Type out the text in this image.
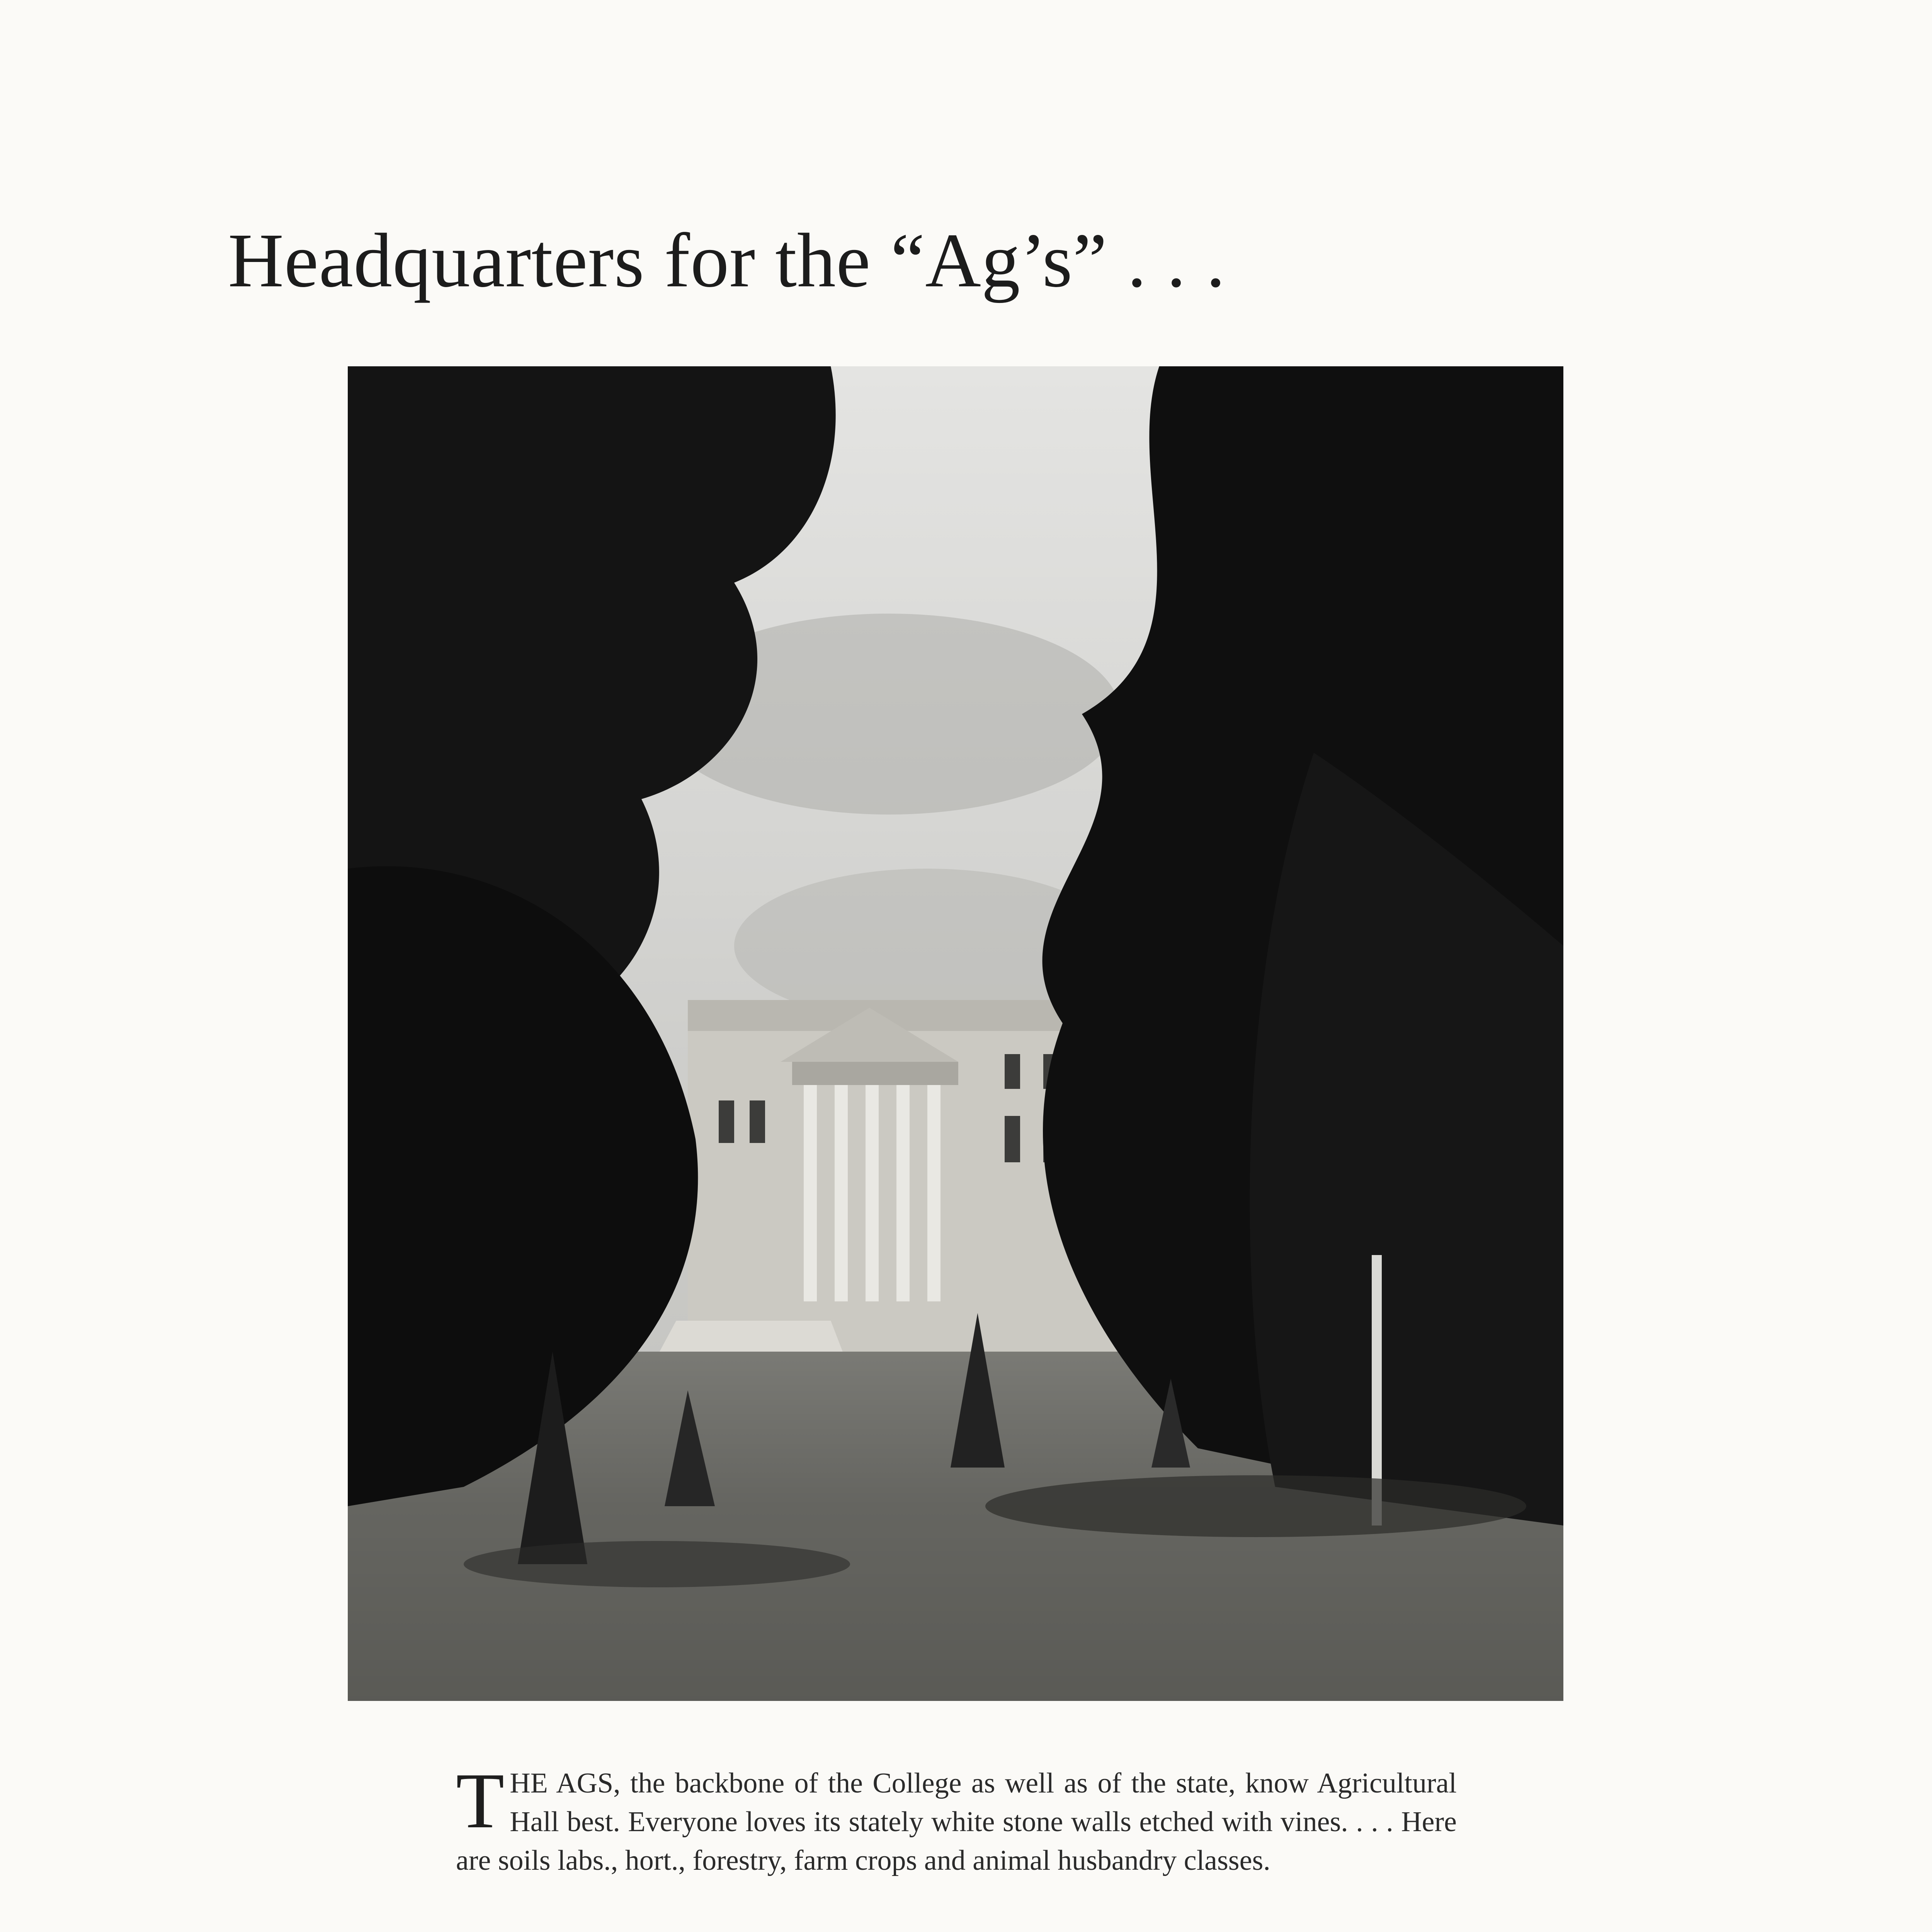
Headquarters for the “Ag’s” . . .
T HE AGS, the backbone of the College as well as of the state, know Agricultural Hall best. Everyone loves its stately white stone walls etched with vines. . . . Here are soils labs., hort., forestry, farm crops and animal husbandry classes.
